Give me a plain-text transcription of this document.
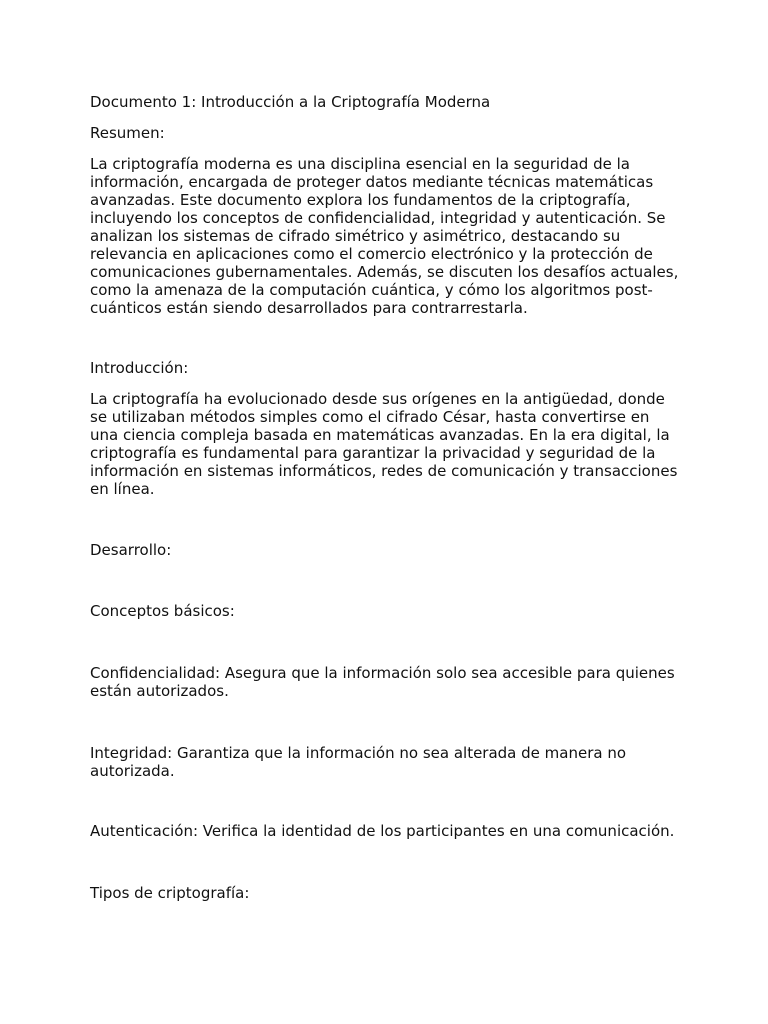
Documento 1: Introducción a la Criptografía Moderna

Resumen:

La criptografía moderna es una disciplina esencial en la seguridad de la información, encargada de proteger datos mediante técnicas matemáticas avanzadas. Este documento explora los fundamentos de la criptografía, incluyendo los conceptos de confidencialidad, integridad y autenticación. Se analizan los sistemas de cifrado simétrico y asimétrico, destacando su relevancia en aplicaciones como el comercio electrónico y la protección de comunicaciones gubernamentales. Además, se discuten los desafíos actuales, como la amenaza de la computación cuántica, y cómo los algoritmos post-cuánticos están siendo desarrollados para contrarrestarla.

Introducción:

La criptografía ha evolucionado desde sus orígenes en la antigüedad, donde se utilizaban métodos simples como el cifrado César, hasta convertirse en una ciencia compleja basada en matemáticas avanzadas. En la era digital, la criptografía es fundamental para garantizar la privacidad y seguridad de la información en sistemas informáticos, redes de comunicación y transacciones en línea.

Desarrollo:

Conceptos básicos:

Confidencialidad: Asegura que la información solo sea accesible para quienes están autorizados.

Integridad: Garantiza que la información no sea alterada de manera no autorizada.

Autenticación: Verifica la identidad de los participantes en una comunicación.

Tipos de criptografía:
